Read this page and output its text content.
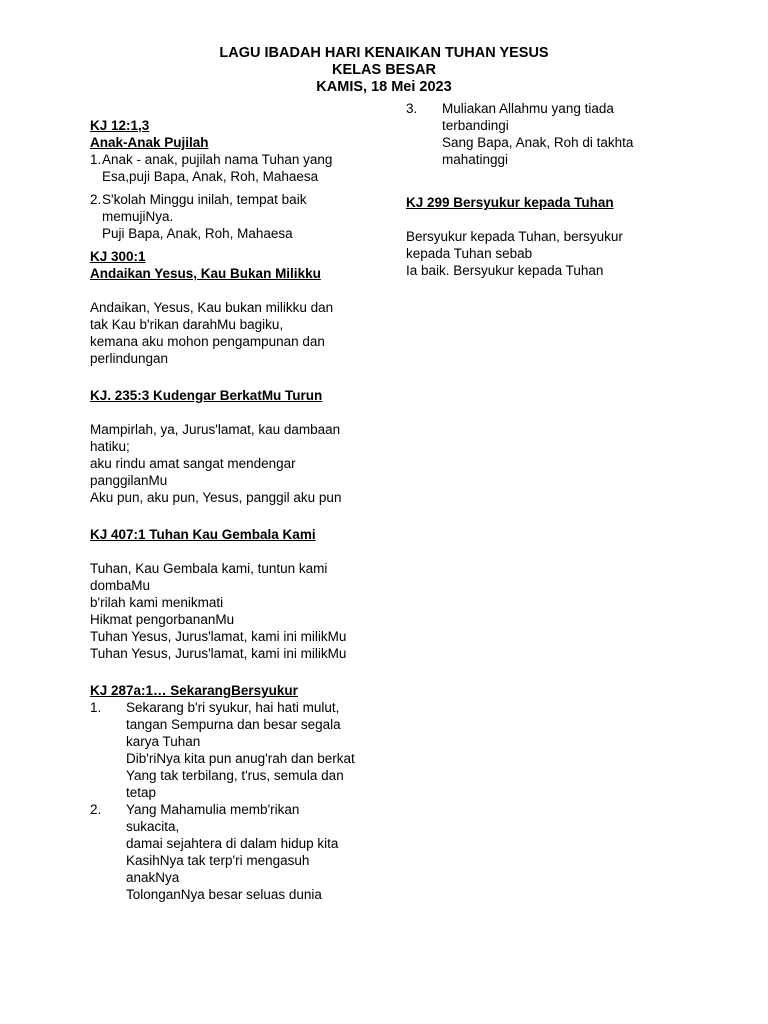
LAGU IBADAH HARI KENAIKAN TUHAN YESUS
KELAS BESAR
KAMIS, 18 Mei 2023
KJ 12:1,3
Anak-Anak Pujilah
1. Anak - anak, pujilah nama Tuhan yang
Esa,puji Bapa, Anak, Roh, Mahaesa
2. S'kolah Minggu inilah, tempat baik
memujiNya.
Puji Bapa, Anak, Roh, Mahaesa
KJ 300:1
Andaikan Yesus, Kau Bukan Milikku
Andaikan, Yesus, Kau bukan milikku dan
tak Kau b'rikan darahMu bagiku,
kemana aku mohon pengampunan dan
perlindungan
KJ. 235:3 Kudengar BerkatMu Turun
Mampirlah, ya, Jurus'lamat, kau dambaan
hatiku;
aku rindu amat sangat mendengar
panggilanMu
Aku pun, aku pun, Yesus, panggil aku pun
KJ 407:1 Tuhan Kau Gembala Kami
Tuhan, Kau Gembala kami, tuntun kami
dombaMu
b'rilah kami menikmati
Hikmat pengorbananMu
Tuhan Yesus, Jurus'lamat, kami ini milikMu
Tuhan Yesus, Jurus'lamat, kami ini milikMu
KJ 287a:1… SekarangBersyukur
1.	Sekarang b'ri syukur, hai hati mulut,
tangan Sempurna dan besar segala
karya Tuhan
Dib'riNya kita pun anug'rah dan berkat
Yang tak terbilang, t'rus, semula dan
tetap
2.	Yang Mahamulia memb'rikan
sukacita,
damai sejahtera di dalam hidup kita
KasihNya tak terp'ri mengasuh
anakNya
TolonganNya besar seluas dunia
3.	Muliakan Allahmu yang tiada
terbandingi
Sang Bapa, Anak, Roh di takhta
mahatinggi
KJ 299 Bersyukur kepada Tuhan
Bersyukur kepada Tuhan, bersyukur
kepada Tuhan sebab
Ia baik. Bersyukur kepada Tuhan
